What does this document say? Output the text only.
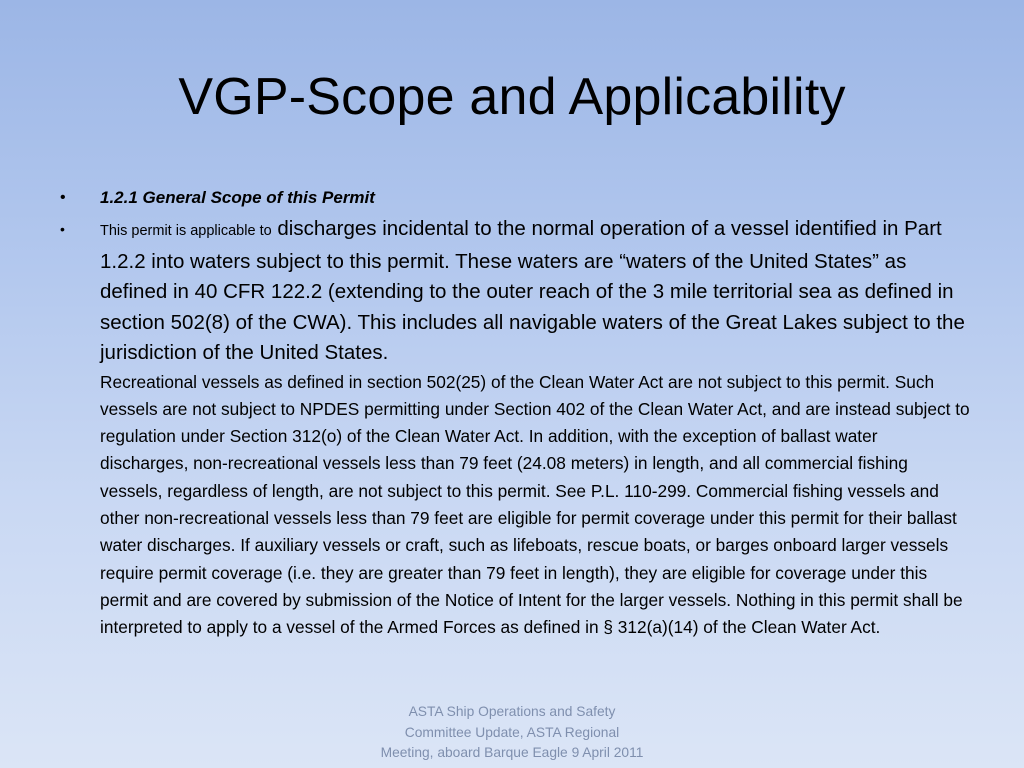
VGP-Scope and Applicability
• 1.2.1 General Scope of this Permit
• This permit is applicable to discharges incidental to the normal operation of a vessel identified in Part 1.2.2 into waters subject to this permit. These waters are “waters of the United States” as defined in 40 CFR 122.2 (extending to the outer reach of the 3 mile territorial sea as defined in section 502(8) of the CWA). This includes all navigable waters of the Great Lakes subject to the jurisdiction of the United States.
Recreational vessels as defined in section 502(25) of the Clean Water Act are not subject to this permit. Such vessels are not subject to NPDES permitting under Section 402 of the Clean Water Act, and are instead subject to regulation under Section 312(o) of the Clean Water Act. In addition, with the exception of ballast water discharges, non-recreational vessels less than 79 feet (24.08 meters) in length, and all commercial fishing vessels, regardless of length, are not subject to this permit. See P.L. 110-299. Commercial fishing vessels and other non-recreational vessels less than 79 feet are eligible for permit coverage under this permit for their ballast water discharges. If auxiliary vessels or craft, such as lifeboats, rescue boats, or barges onboard larger vessels require permit coverage (i.e. they are greater than 79 feet in length), they are eligible for coverage under this permit and are covered by submission of the Notice of Intent for the larger vessels. Nothing in this permit shall be interpreted to apply to a vessel of the Armed Forces as defined in § 312(a)(14) of the Clean Water Act.
ASTA Ship Operations and Safety
Committee Update, ASTA Regional
Meeting, aboard Barque Eagle 9 April 2011
